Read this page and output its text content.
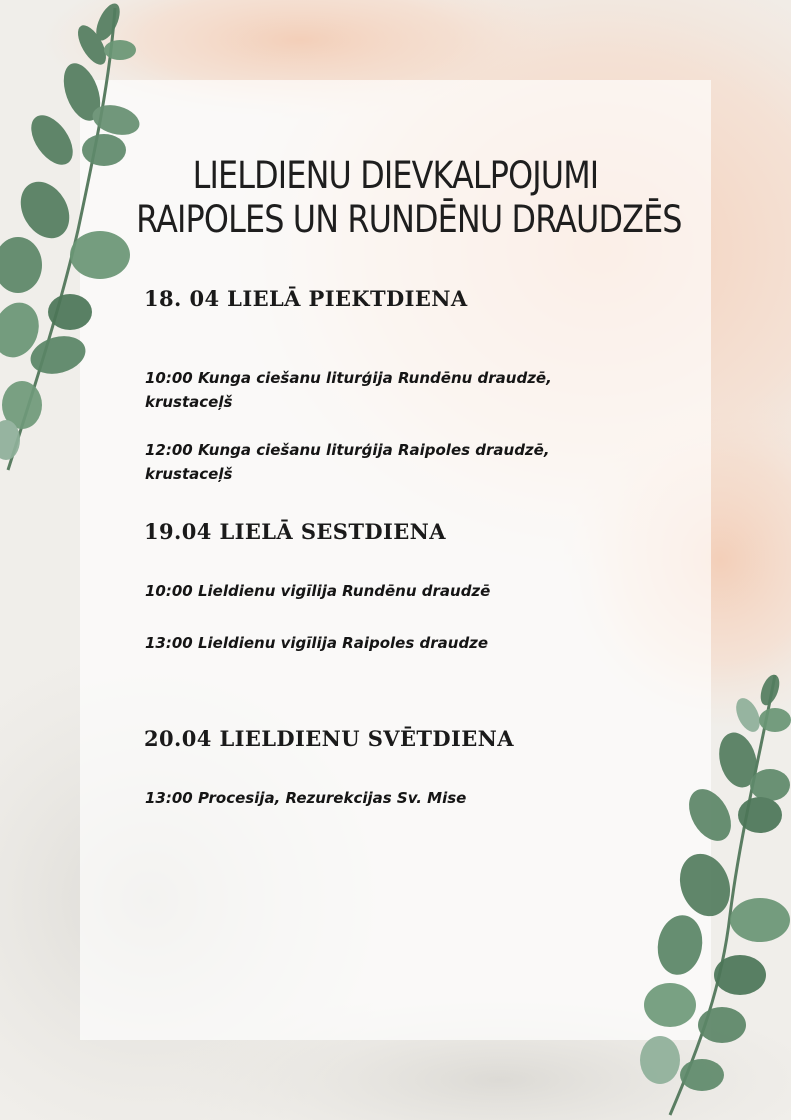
LIELDIENU DIEVKALPOJUMI
RAIPOLES UN RUNDĒNU DRAUDZĒS
18. 04 LIELĀ PIEKTDIENA
10:00 Kunga ciešanu liturģija Rundēnu draudzē,
krustaceļš
12:00 Kunga ciešanu liturģija Raipoles draudzē,
krustaceļš
19.04 LIELĀ SESTDIENA
10:00 Lieldienu vigīlija Rundēnu draudzē
13:00 Lieldienu vigīlija Raipoles draudze
20.04 LIELDIENU SVĒTDIENA
13:00 Procesija, Rezurekcijas Sv. Mise
